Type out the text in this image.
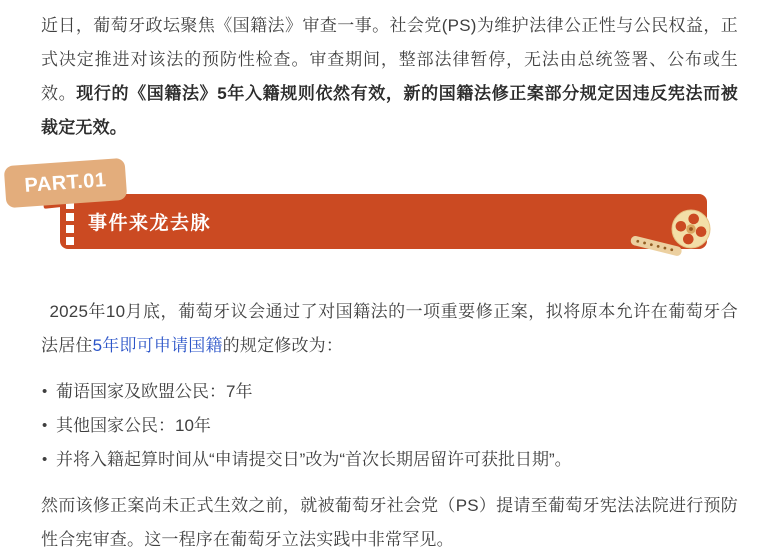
近日，葡萄牙政坛聚焦《国籍法》审查一事。社会党(PS)为维护法律公正性与公民权益，正式决定推进对该法的预防性检查。审查期间，整部法律暂停，无法由总统签署、公布或生效。现行的《国籍法》5年入籍规则依然有效，新的国籍法修正案部分规定因违反宪法而被裁定无效。

事件来龙去脉
PART.01

2025年10月底，葡萄牙议会通过了对国籍法的一项重要修正案，拟将原本允许在葡萄牙合法居住5年即可申请国籍的规定修改为：

• 葡语国家及欧盟公民：7年
• 其他国家公民：10年
• 并将入籍起算时间从“申请提交日”改为“首次长期居留许可获批日期”。

然而该修正案尚未正式生效之前，就被葡萄牙社会党（PS）提请至葡萄牙宪法法院进行预防性合宪审查。这一程序在葡萄牙立法实践中非常罕见。
